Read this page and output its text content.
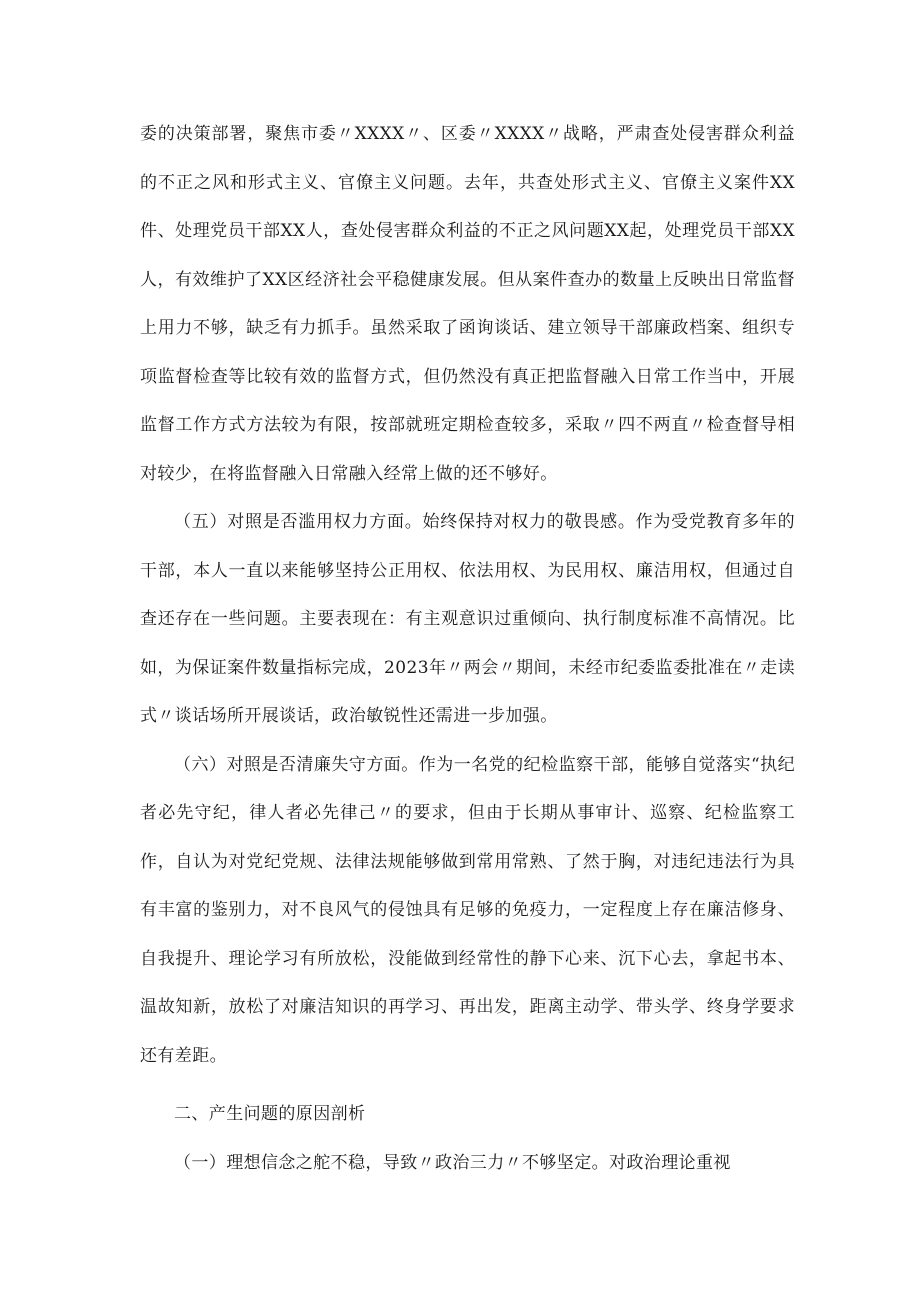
委的决策部署，聚焦市委〃XXXX〃、区委〃XXXX〃战略，严肃查处侵害群众利益的不正之风和形式主义、官僚主义问题。去年，共查处形式主义、官僚主义案件XX件、处理党员干部XX人，查处侵害群众利益的不正之风问题XX起，处理党员干部XX人，有效维护了XX区经济社会平稳健康发展。但从案件查办的数量上反映出日常监督上用力不够，缺乏有力抓手。虽然采取了函询谈话、建立领导干部廉政档案、组织专项监督检查等比较有效的监督方式，但仍然没有真正把监督融入日常工作当中，开展监督工作方式方法较为有限，按部就班定期检查较多，采取〃四不两直〃检查督导相对较少，在将监督融入日常融入经常上做的还不够好。

（五）对照是否滥用权力方面。始终保持对权力的敬畏感。作为受党教育多年的干部，本人一直以来能够坚持公正用权、依法用权、为民用权、廉洁用权，但通过自查还存在一些问题。主要表现在：有主观意识过重倾向、执行制度标准不高情况。比如，为保证案件数量指标完成，2023年〃两会〃期间，未经市纪委监委批准在〃走读式〃谈话场所开展谈话，政治敏锐性还需进一步加强。

（六）对照是否清廉失守方面。作为一名党的纪检监察干部，能够自觉落实“执纪者必先守纪，律人者必先律己〃的要求，但由于长期从事审计、巡察、纪检监察工作，自认为对党纪党规、法律法规能够做到常用常熟、了然于胸，对违纪违法行为具有丰富的鉴别力，对不良风气的侵蚀具有足够的免疫力，一定程度上存在廉洁修身、自我提升、理论学习有所放松，没能做到经常性的静下心来、沉下心去，拿起书本、温故知新，放松了对廉洁知识的再学习、再出发，距离主动学、带头学、终身学要求还有差距。

二、产生问题的原因剖析

（一）理想信念之舵不稳，导致〃政治三力〃不够坚定。对政治理论重视
